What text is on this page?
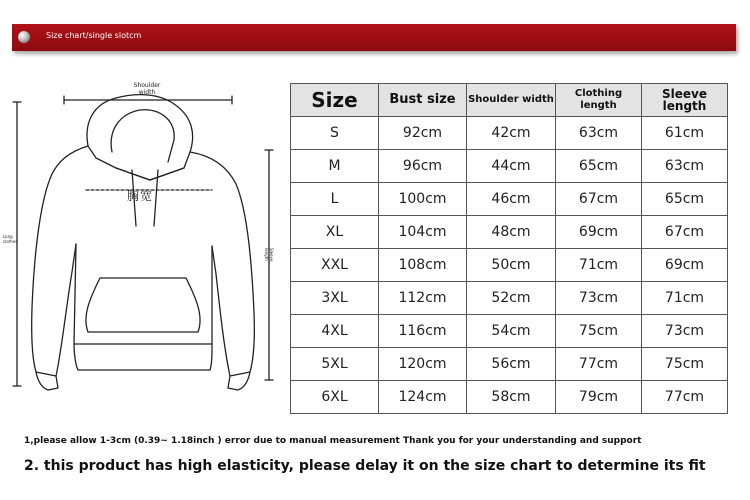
Size chart/single slotcm
Shoulder width
胸宽
Long clothes
Sleeve length
Size	Bust size	Shoulder width	Clothing length	Sleeve length
S	92cm	42cm	63cm	61cm
M	96cm	44cm	65cm	63cm
L	100cm	46cm	67cm	65cm
XL	104cm	48cm	69cm	67cm
XXL	108cm	50cm	71cm	69cm
3XL	112cm	52cm	73cm	71cm
4XL	116cm	54cm	75cm	73cm
5XL	120cm	56cm	77cm	75cm
6XL	124cm	58cm	79cm	77cm
1,please allow 1-3cm (0.39~ 1.18inch ) error due to manual measurement Thank you for your understanding and support
2. this product has high elasticity, please delay it on the size chart to determine its fit
